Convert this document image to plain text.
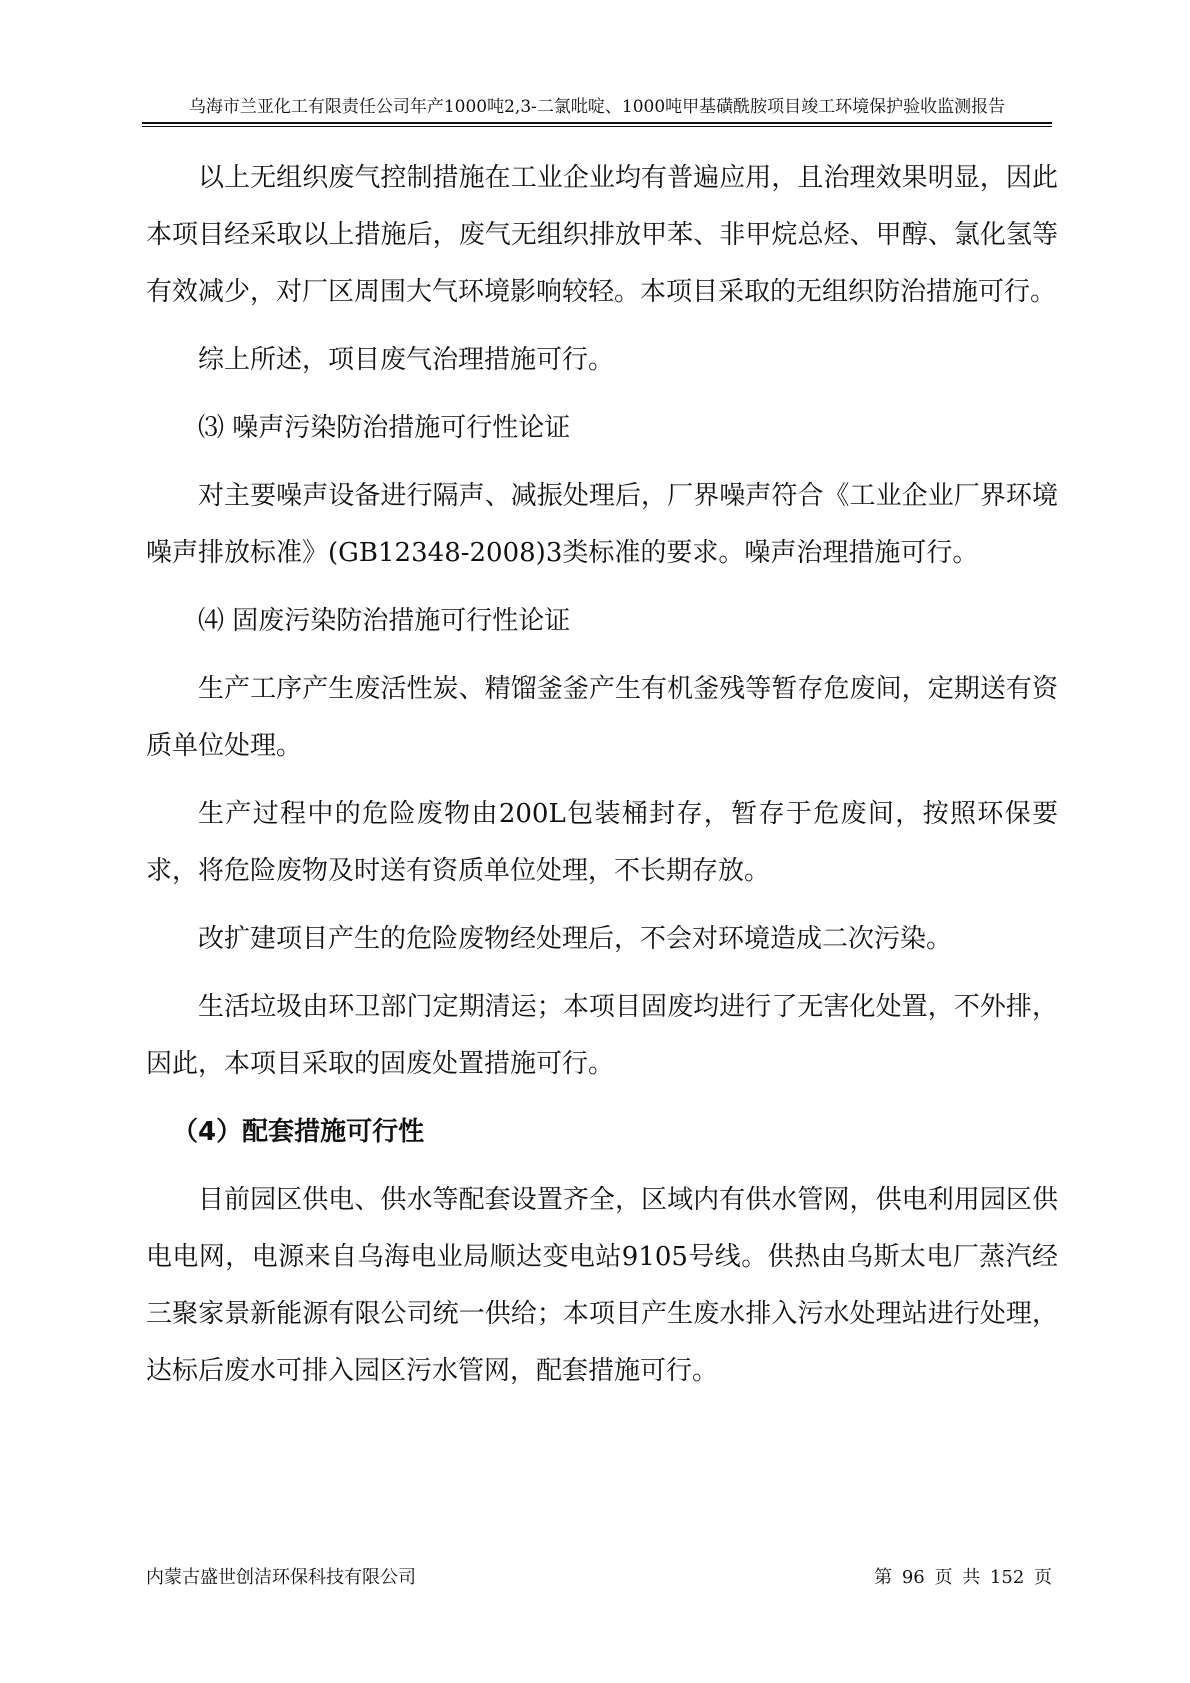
乌海市兰亚化工有限责任公司年产1000吨2,3-二氯吡啶、1000吨甲基磺酰胺项目竣工环境保护验收监测报告

以上无组织废气控制措施在工业企业均有普遍应用，且治理效果明显，因此本项目经采取以上措施后，废气无组织排放甲苯、非甲烷总烃、甲醇、氯化氢等有效减少，对厂区周围大气环境影响较轻。本项目采取的无组织防治措施可行。

综上所述，项目废气治理措施可行。

⑶ 噪声污染防治措施可行性论证

对主要噪声设备进行隔声、减振处理后，厂界噪声符合《工业企业厂界环境噪声排放标准》(GB12348-2008)3类标准的要求。噪声治理措施可行。

⑷ 固废污染防治措施可行性论证

生产工序产生废活性炭、精馏釜釜产生有机釜残等暂存危废间，定期送有资质单位处理。

生产过程中的危险废物由200L包装桶封存，暂存于危废间，按照环保要求，将危险废物及时送有资质单位处理，不长期存放。

改扩建项目产生的危险废物经处理后，不会对环境造成二次污染。

生活垃圾由环卫部门定期清运；本项目固废均进行了无害化处置，不外排，因此，本项目采取的固废处置措施可行。

（4）配套措施可行性

目前园区供电、供水等配套设置齐全，区域内有供水管网，供电利用园区供电电网，电源来自乌海电业局顺达变电站9105号线。供热由乌斯太电厂蒸汽经三聚家景新能源有限公司统一供给；本项目产生废水排入污水处理站进行处理，达标后废水可排入园区污水管网，配套措施可行。

内蒙古盛世创洁环保科技有限公司	第 96 页 共 152 页
